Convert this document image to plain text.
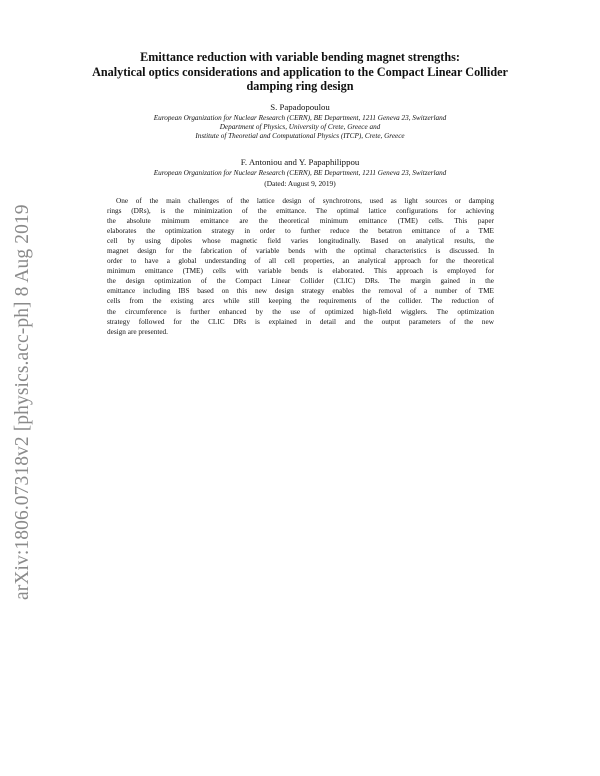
arXiv:1806.07318v2 [physics.acc-ph] 8 Aug 2019
Emittance reduction with variable bending magnet strengths:
Analytical optics considerations and application to the Compact Linear Collider
damping ring design
S. Papadopoulou
European Organization for Nuclear Research (CERN), BE Department, 1211 Geneva 23, Switzerland
Department of Physics, University of Crete, Greece and
Institute of Theoretial and Computational Physics (ITCP), Crete, Greece
F. Antoniou and Y. Papaphilippou
European Organization for Nuclear Research (CERN), BE Department, 1211 Geneva 23, Switzerland
(Dated: August 9, 2019)
One of the main challenges of the lattice design of synchrotrons, used as light sources or damping
rings (DRs), is the minimization of the emittance. The optimal lattice configurations for achieving
the absolute minimum emittance are the theoretical minimum emittance (TME) cells. This paper
elaborates the optimization strategy in order to further reduce the betatron emittance of a TME
cell by using dipoles whose magnetic field varies longitudinally. Based on analytical results, the
magnet design for the fabrication of variable bends with the optimal characteristics is discussed. In
order to have a global understanding of all cell properties, an analytical approach for the theoretical
minimum emittance (TME) cells with variable bends is elaborated. This approach is employed for
the design optimization of the Compact Linear Collider (CLIC) DRs. The margin gained in the
emittance including IBS based on this new design strategy enables the removal of a number of TME
cells from the existing arcs while still keeping the requirements of the collider. The reduction of
the circumference is further enhanced by the use of optimized high-field wigglers. The optimization
strategy followed for the CLIC DRs is explained in detail and the output parameters of the new
design are presented.
